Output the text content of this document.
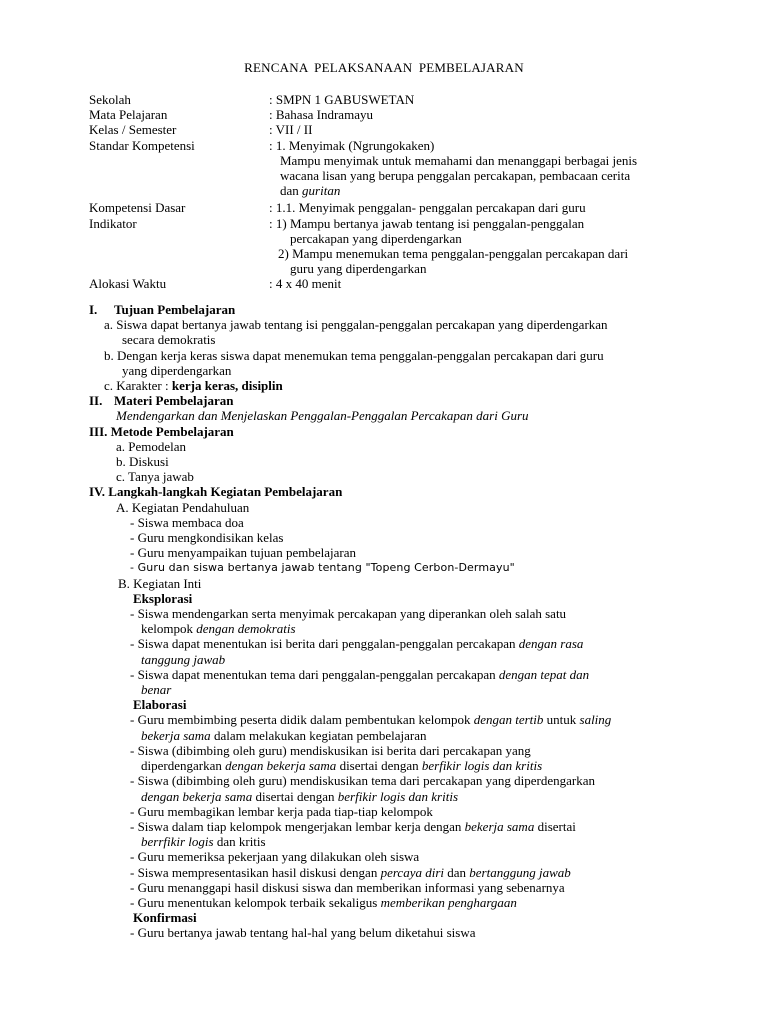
RENCANA PELAKSANAAN PEMBELAJARAN
Sekolah	: SMPN 1 GABUSWETAN
Mata Pelajaran	: Bahasa Indramayu
Kelas / Semester	: VII / II
Standar Kompetensi	: 1. Menyimak (Ngrungokaken)
Mampu menyimak untuk memahami dan menanggapi berbagai jenis
wacana lisan yang berupa penggalan percakapan, pembacaan cerita
dan guritan
Kompetensi Dasar	: 1.1. Menyimak penggalan- penggalan percakapan dari guru
Indikator	: 1) Mampu bertanya jawab tentang isi penggalan-penggalan
percakapan yang diperdengarkan
2) Mampu menemukan tema penggalan-penggalan percakapan dari
guru yang diperdengarkan
Alokasi Waktu	: 4 x 40 menit
I. Tujuan Pembelajaran
a. Siswa dapat bertanya jawab tentang isi penggalan-penggalan percakapan yang diperdengarkan
secara demokratis
b. Dengan kerja keras siswa dapat menemukan tema penggalan-penggalan percakapan dari guru
yang diperdengarkan
c. Karakter : kerja keras, disiplin
II. Materi Pembelajaran
Mendengarkan dan Menjelaskan Penggalan-Penggalan Percakapan dari Guru
III. Metode Pembelajaran
a. Pemodelan
b. Diskusi
c. Tanya jawab
IV. Langkah-langkah Kegiatan Pembelajaran
A. Kegiatan Pendahuluan
- Siswa membaca doa
- Guru mengkondisikan kelas
- Guru menyampaikan tujuan pembelajaran
- Guru dan siswa bertanya jawab tentang "Topeng Cerbon-Dermayu"
B. Kegiatan Inti
Eksplorasi
- Siswa mendengarkan serta menyimak percakapan yang diperankan oleh salah satu
kelompok dengan demokratis
- Siswa dapat menentukan isi berita dari penggalan-penggalan percakapan dengan rasa
tanggung jawab
- Siswa dapat menentukan tema dari penggalan-penggalan percakapan dengan tepat dan
benar
Elaborasi
- Guru membimbing peserta didik dalam pembentukan kelompok dengan tertib untuk saling
bekerja sama dalam melakukan kegiatan pembelajaran
- Siswa (dibimbing oleh guru) mendiskusikan isi berita dari percakapan yang
diperdengarkan dengan bekerja sama disertai dengan berfikir logis dan kritis
- Siswa (dibimbing oleh guru) mendiskusikan tema dari percakapan yang diperdengarkan
dengan bekerja sama disertai dengan berfikir logis dan kritis
- Guru membagikan lembar kerja pada tiap-tiap kelompok
- Siswa dalam tiap kelompok mengerjakan lembar kerja dengan bekerja sama disertai
berrfikir logis dan kritis
- Guru memeriksa pekerjaan yang dilakukan oleh siswa
- Siswa mempresentasikan hasil diskusi dengan percaya diri dan bertanggung jawab
- Guru menanggapi hasil diskusi siswa dan memberikan informasi yang sebenarnya
- Guru menentukan kelompok terbaik sekaligus memberikan penghargaan
Konfirmasi
- Guru bertanya jawab tentang hal-hal yang belum diketahui siswa
